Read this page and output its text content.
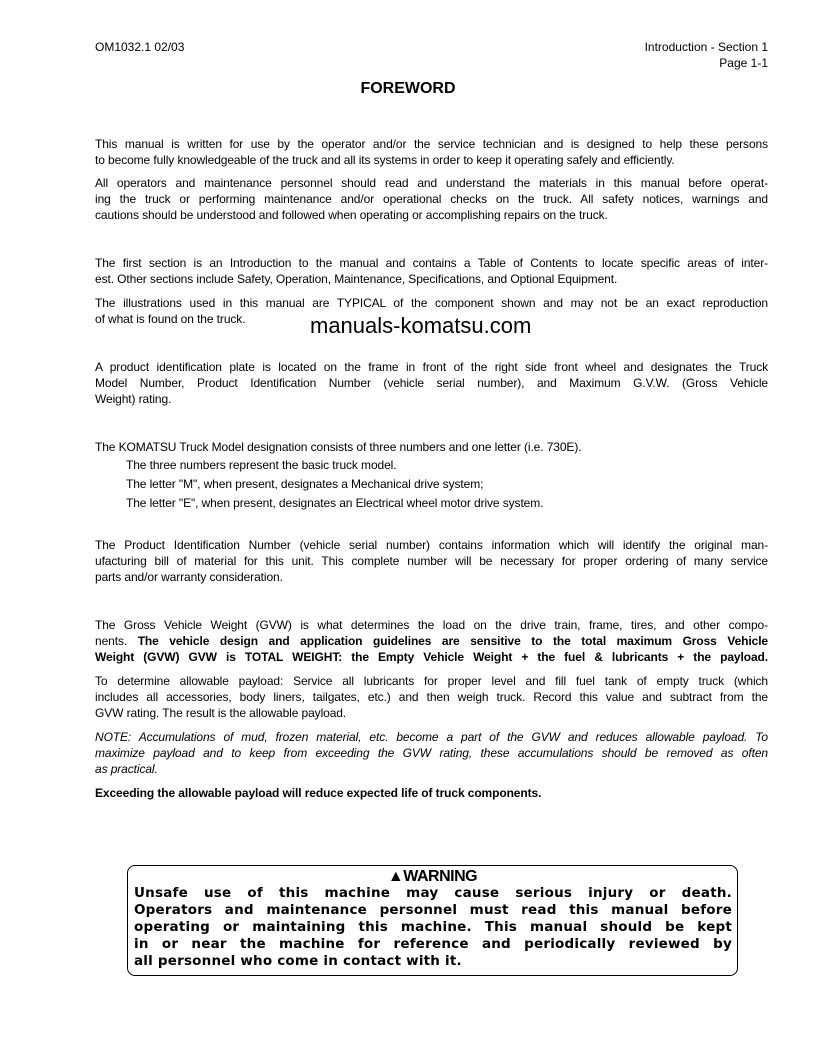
OM1032.1 02/03	Introduction - Section 1
Page 1-1
FOREWORD
This manual is written for use by the operator and/or the service technician and is designed to help these persons
to become fully knowledgeable of the truck and all its systems in order to keep it operating safely and efficiently.
All operators and maintenance personnel should read and understand the materials in this manual before operat-
ing the truck or performing maintenance and/or operational checks on the truck. All safety notices, warnings and
cautions should be understood and followed when operating or accomplishing repairs on the truck.
The first section is an Introduction to the manual and contains a Table of Contents to locate specific areas of inter-
est. Other sections include Safety, Operation, Maintenance, Specifications, and Optional Equipment.
The illustrations used in this manual are TYPICAL of the component shown and may not be an exact reproduction
of what is found on the truck.	manuals-komatsu.com
A product identification plate is located on the frame in front of the right side front wheel and designates the Truck
Model Number, Product Identification Number (vehicle serial number), and Maximum G.V.W. (Gross Vehicle
Weight) rating.
The KOMATSU Truck Model designation consists of three numbers and one letter (i.e. 730E).
The three numbers represent the basic truck model.
The letter "M", when present, designates a Mechanical drive system;
The letter "E", when present, designates an Electrical wheel motor drive system.
The Product Identification Number (vehicle serial number) contains information which will identify the original man-
ufacturing bill of material for this unit. This complete number will be necessary for proper ordering of many service
parts and/or warranty consideration.
The Gross Vehicle Weight (GVW) is what determines the load on the drive train, frame, tires, and other compo-
nents. The vehicle design and application guidelines are sensitive to the total maximum Gross Vehicle
Weight (GVW) GVW is TOTAL WEIGHT: the Empty Vehicle Weight + the fuel & lubricants + the payload.
To determine allowable payload: Service all lubricants for proper level and fill fuel tank of empty truck (which
includes all accessories, body liners, tailgates, etc.) and then weigh truck. Record this value and subtract from the
GVW rating. The result is the allowable payload.
NOTE: Accumulations of mud, frozen material, etc. become a part of the GVW and reduces allowable payload. To
maximize payload and to keep from exceeding the GVW rating, these accumulations should be removed as often
as practical.
Exceeding the allowable payload will reduce expected life of truck components.
▲WARNING
Unsafe use of this machine may cause serious injury or death.
Operators and maintenance personnel must read this manual before
operating or maintaining this machine. This manual should be kept
in or near the machine for reference and periodically reviewed by
all personnel who come in contact with it.
